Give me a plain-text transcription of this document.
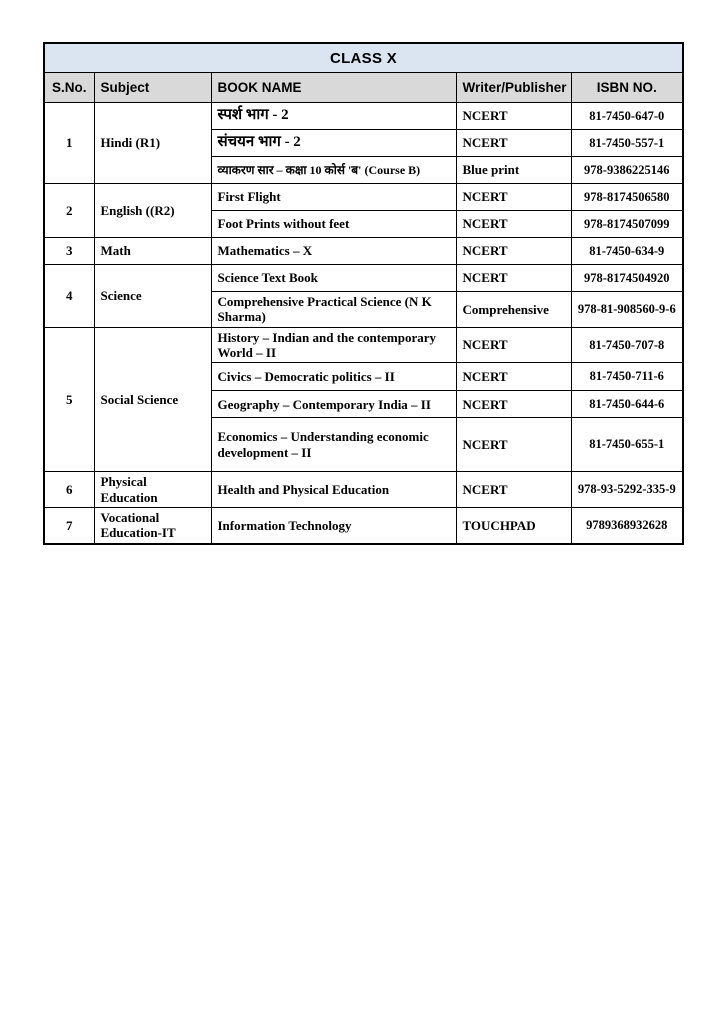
CLASS X				
S.No.	Subject	BOOK NAME	Writer/Publisher	ISBN NO.
1	Hindi (R1)	स्पर्श भाग - 2	NCERT	81-7450-647-0
		संचयन भाग - 2	NCERT	81-7450-557-1
		व्याकरण सार – कक्षा 10 कोर्स 'ब' (Course B)	Blue print	978-9386225146
2	English ((R2)	First Flight	NCERT	978-8174506580
		Foot Prints without feet	NCERT	978-8174507099
3	Math	Mathematics – X	NCERT	81-7450-634-9
4	Science	Science Text Book	NCERT	978-8174504920
		Comprehensive Practical Science (N K Sharma)	Comprehensive	978-81-908560-9-6
5	Social Science	History – Indian and the contemporary World – II	NCERT	81-7450-707-8
		Civics – Democratic politics – II	NCERT	81-7450-711-6
		Geography – Contemporary India – II	NCERT	81-7450-644-6
		Economics – Understanding economic development – II	NCERT	81-7450-655-1
6	Physical Education	Health and Physical Education	NCERT	978-93-5292-335-9
7	Vocational Education-IT	Information Technology	TOUCHPAD	9789368932628
